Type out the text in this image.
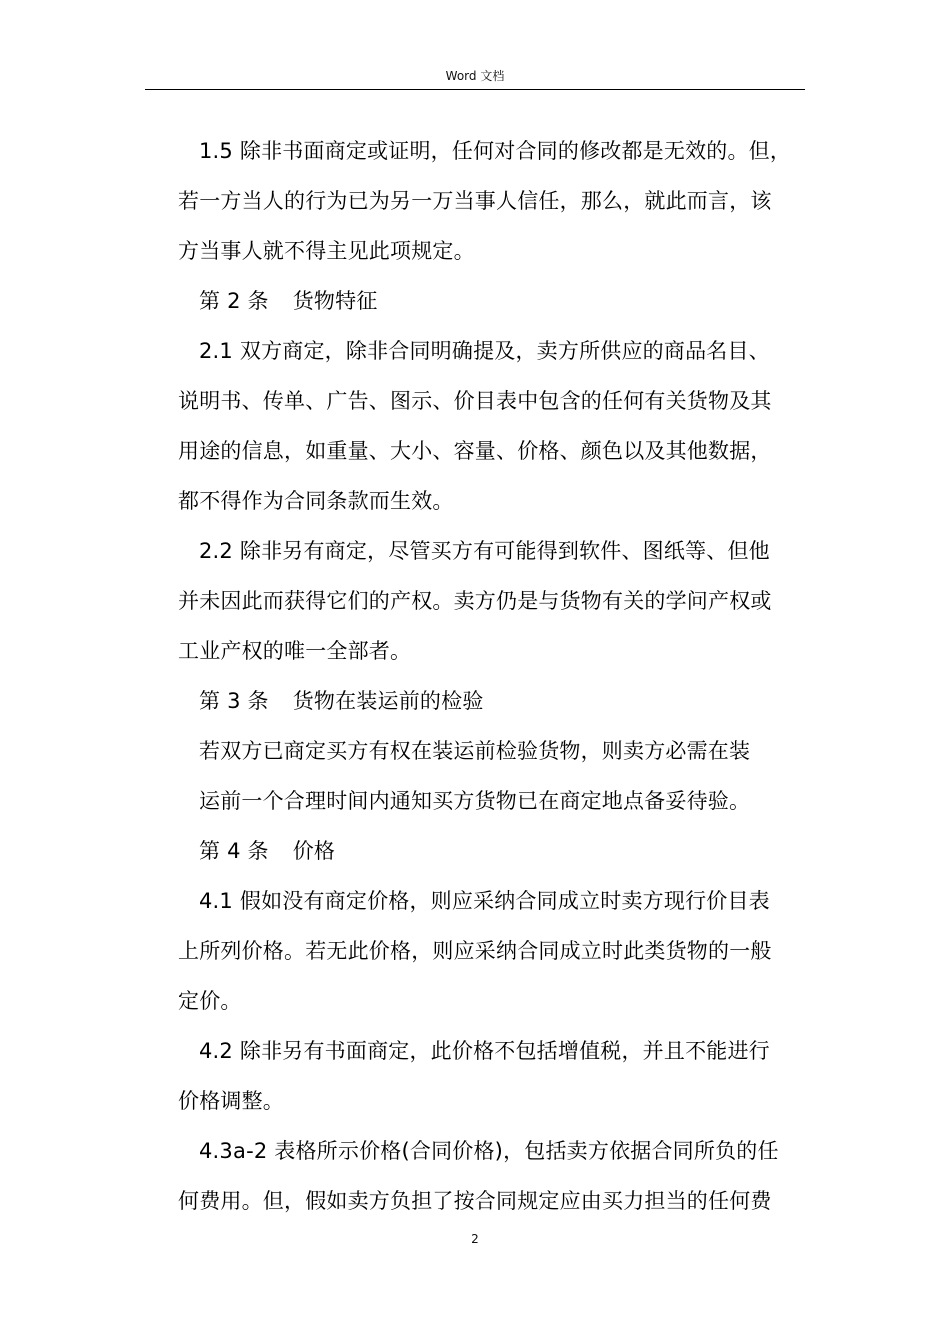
Word 文档

1.5 除非书面商定或证明，任何对合同的修改都是无效的。但，
若一方当人的行为已为另一万当事人信任，那么，就此而言，该
方当事人就不得主见此项规定。

第 2 条 货物特征

2.1 双方商定，除非合同明确提及，卖方所供应的商品名目、
说明书、传单、广告、图示、价目表中包含的任何有关货物及其
用途的信息，如重量、大小、容量、价格、颜色以及其他数据，
都不得作为合同条款而生效。

2.2 除非另有商定，尽管买方有可能得到软件、图纸等、但他
并未因此而获得它们的产权。卖方仍是与货物有关的学问产权或
工业产权的唯一全部者。

第 3 条 货物在装运前的检验

若双方已商定买方有权在装运前检验货物，则卖方必需在装
运前一个合理时间内通知买方货物已在商定地点备妥待验。

第 4 条 价格

4.1 假如没有商定价格，则应采纳合同成立时卖方现行价目表
上所列价格。若无此价格，则应采纳合同成立时此类货物的一般
定价。

4.2 除非另有书面商定，此价格不包括增值税，并且不能进行
价格调整。

4.3a-2 表格所示价格(合同价格)，包括卖方依据合同所负的任
何费用。但，假如卖方负担了按合同规定应由买力担当的任何费

2
